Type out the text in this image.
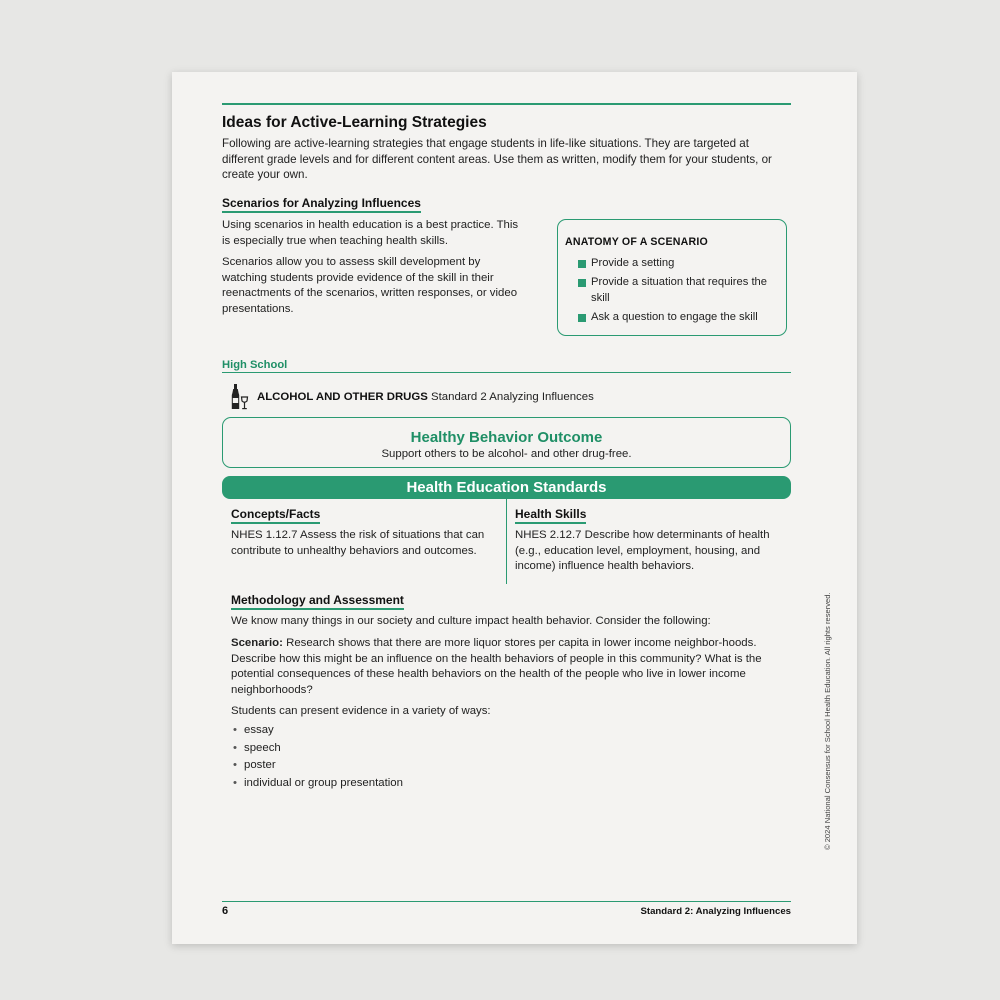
Ideas for Active-Learning Strategies

Following are active-learning strategies that engage students in life-like situations. They are targeted at different grade levels and for different content areas. Use them as written, modify them for your students, or create your own.

Scenarios for Analyzing Influences

Using scenarios in health education is a best practice. This is especially true when teaching health skills.

Scenarios allow you to assess skill development by watching students provide evidence of the skill in their reenactments of the scenarios, written responses, or video presentations.

ANATOMY OF A SCENARIO
Provide a setting
Provide a situation that requires the skill
Ask a question to engage the skill
High School
ALCOHOL AND OTHER DRUGS Standard 2 Analyzing Influences
Healthy Behavior Outcome
Support others to be alcohol- and other drug-free.
Health Education Standards
Concepts/Facts

NHES 1.12.7 Assess the risk of situations that can contribute to unhealthy behaviors and outcomes.

Health Skills

NHES 2.12.7 Describe how determinants of health (e.g., education level, employment, housing, and income) influence health behaviors.

Methodology and Assessment

We know many things in our society and culture impact health behavior. Consider the following:

Scenario: Research shows that there are more liquor stores per capita in lower income neighbor-hoods. Describe how this might be an influence on the health behaviors of people in this community? What is the potential consequences of these health behaviors on the health of the people who live in lower income neighborhoods?

Students can present evidence in a variety of ways:

• essay
• speech
• poster
• individual or group presentation	© 2024 National Consensus for School Health Education. All rights reserved.
6	Standard 2: Analyzing Influences
